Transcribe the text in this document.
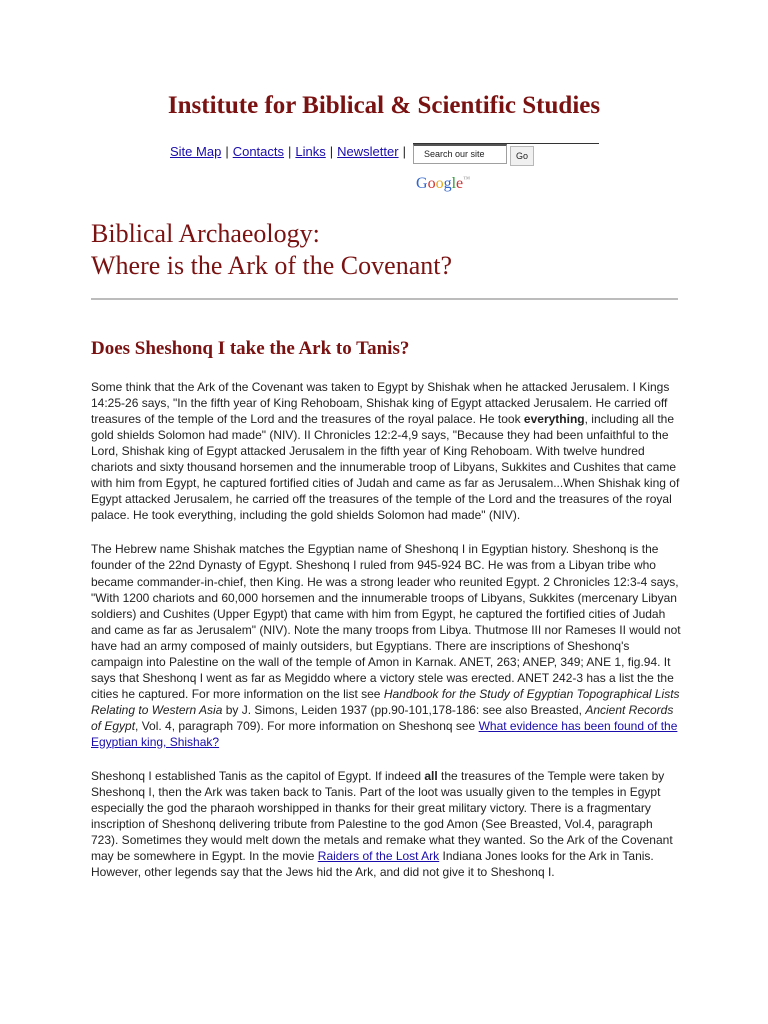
Institute for Biblical & Scientific Studies
Site Map | Contacts | Links | Newsletter |	Search our site	Go
Google™
Biblical Archaeology:
Where is the Ark of the Covenant?
Does Sheshonq I take the Ark to Tanis?

Some think that the Ark of the Covenant was taken to Egypt by Shishak when he attacked Jerusalem. I Kings 14:25-26 says, "In the fifth year of King Rehoboam, Shishak king of Egypt attacked Jerusalem. He carried off treasures of the temple of the Lord and the treasures of the royal palace. He took everything, including all the gold shields Solomon had made" (NIV). II Chronicles 12:2-4,9 says, "Because they had been unfaithful to the Lord, Shishak king of Egypt attacked Jerusalem in the fifth year of King Rehoboam. With twelve hundred chariots and sixty thousand horsemen and the innumerable troop of Libyans, Sukkites and Cushites that came with him from Egypt, he captured fortified cities of Judah and came as far as Jerusalem...When Shishak king of Egypt attacked Jerusalem, he carried off the treasures of the temple of the Lord and the treasures of the royal palace. He took everything, including the gold shields Solomon had made" (NIV).

The Hebrew name Shishak matches the Egyptian name of Sheshonq I in Egyptian history. Sheshonq is the founder of the 22nd Dynasty of Egypt. Sheshonq I ruled from 945-924 BC. He was from a Libyan tribe who became commander-in-chief, then King. He was a strong leader who reunited Egypt. 2 Chronicles 12:3-4 says, "With 1200 chariots and 60,000 horsemen and the innumerable troops of Libyans, Sukkites (mercenary Libyan soldiers) and Cushites (Upper Egypt) that came with him from Egypt, he captured the fortified cities of Judah and came as far as Jerusalem" (NIV). Note the many troops from Libya. Thutmose III nor Rameses II would not have had an army composed of mainly outsiders, but Egyptians. There are inscriptions of Sheshonq's campaign into Palestine on the wall of the temple of Amon in Karnak. ANET, 263; ANEP, 349; ANE 1, fig.94. It says that Sheshonq I went as far as Megiddo where a victory stele was erected. ANET 242-3 has a list the the cities he captured. For more information on the list see Handbook for the Study of Egyptian Topographical Lists Relating to Western Asia by J. Simons, Leiden 1937 (pp.90-101,178-186: see also Breasted, Ancient Records of Egypt, Vol. 4, paragraph 709). For more information on Sheshonq see What evidence has been found of the Egyptian king, Shishak?

Sheshonq I established Tanis as the capitol of Egypt. If indeed all the treasures of the Temple were taken by Sheshonq I, then the Ark was taken back to Tanis. Part of the loot was usually given to the temples in Egypt especially the god the pharaoh worshipped in thanks for their great military victory. There is a fragmentary inscription of Sheshonq delivering tribute from Palestine to the god Amon (See Breasted, Vol.4, paragraph 723). Sometimes they would melt down the metals and remake what they wanted. So the Ark of the Covenant may be somewhere in Egypt. In the movie Raiders of the Lost Ark Indiana Jones looks for the Ark in Tanis. However, other legends say that the Jews hid the Ark, and did not give it to Sheshonq I.
